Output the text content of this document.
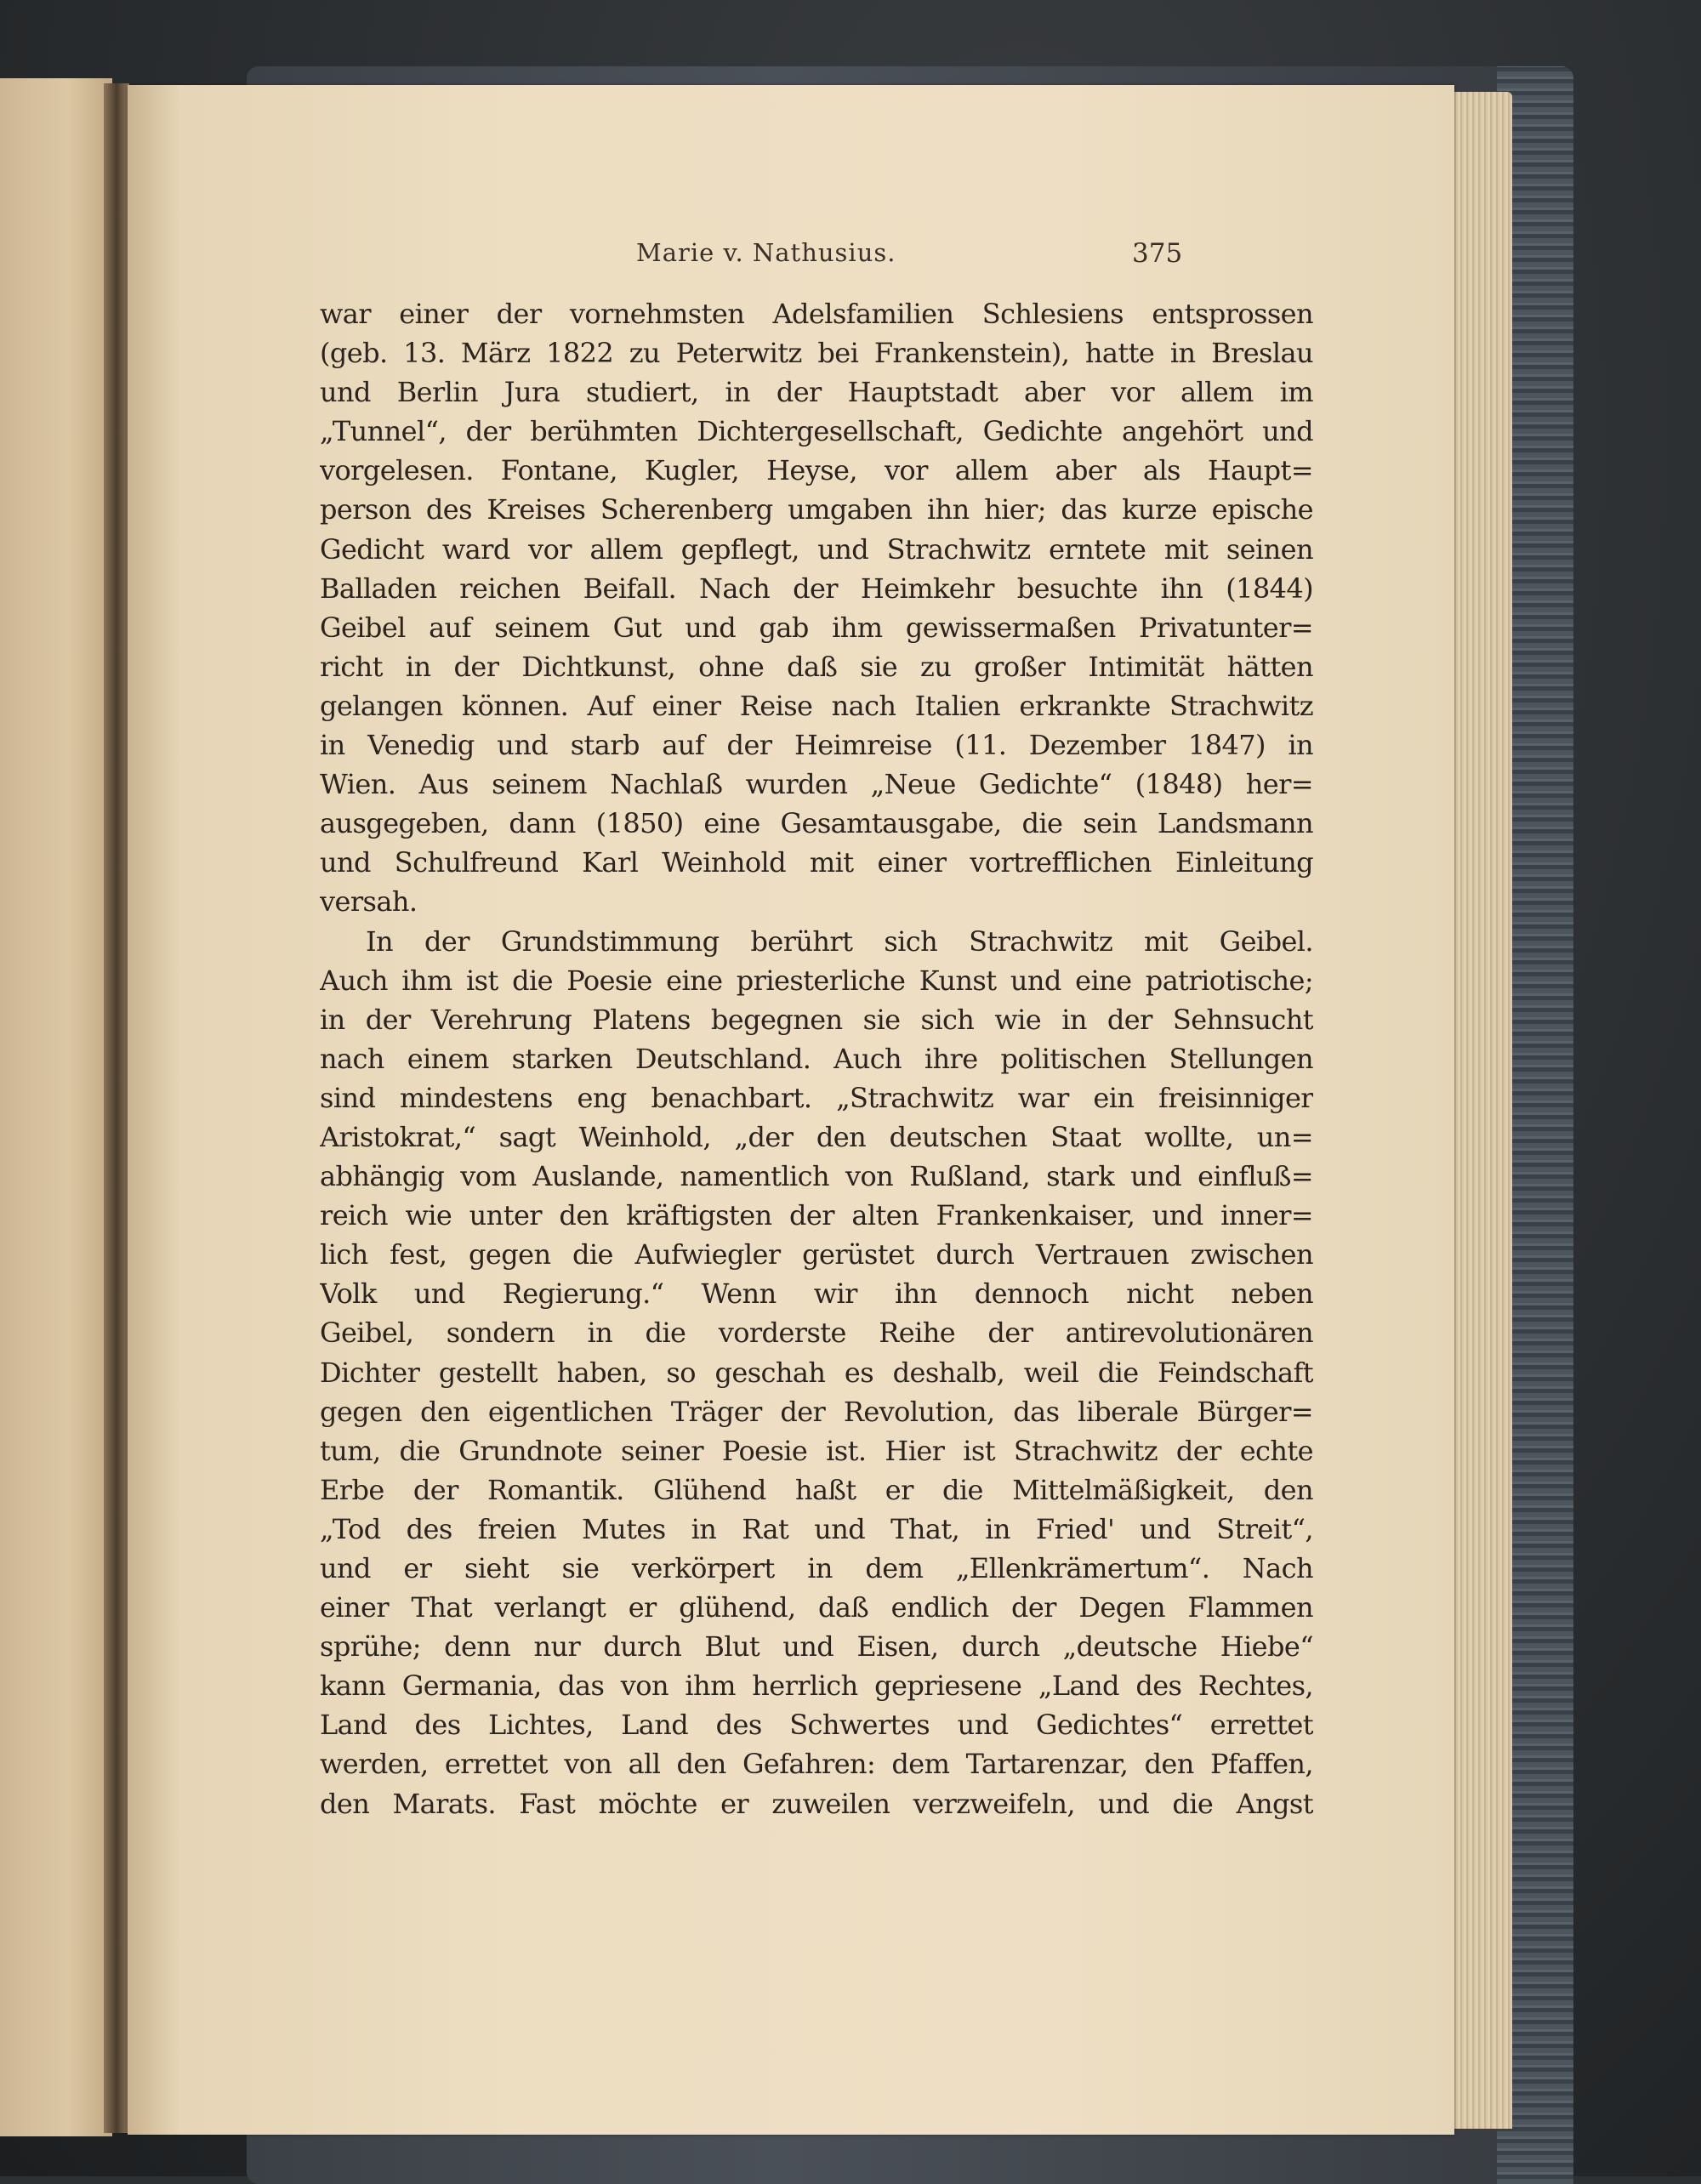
Marie v. Nathusius.	375
war einer der vornehmsten Adelsfamilien Schlesiens entsprossen
(geb. 13. März 1822 zu Peterwitz bei Frankenstein), hatte in Breslau
und Berlin Jura studiert, in der Hauptstadt aber vor allem im
„Tunnel“, der berühmten Dichtergesellschaft, Gedichte angehört und
vorgelesen. Fontane, Kugler, Heyse, vor allem aber als Haupt=
person des Kreises Scherenberg umgaben ihn hier; das kurze epische
Gedicht ward vor allem gepflegt, und Strachwitz erntete mit seinen
Balladen reichen Beifall. Nach der Heimkehr besuchte ihn (1844)
Geibel auf seinem Gut und gab ihm gewissermaßen Privatunter=
richt in der Dichtkunst, ohne daß sie zu großer Intimität hätten
gelangen können. Auf einer Reise nach Italien erkrankte Strachwitz
in Venedig und starb auf der Heimreise (11. Dezember 1847) in
Wien. Aus seinem Nachlaß wurden „Neue Gedichte“ (1848) her=
ausgegeben, dann (1850) eine Gesamtausgabe, die sein Landsmann
und Schulfreund Karl Weinhold mit einer vortrefflichen Einleitung
versah.
In der Grundstimmung berührt sich Strachwitz mit Geibel.
Auch ihm ist die Poesie eine priesterliche Kunst und eine patriotische;
in der Verehrung Platens begegnen sie sich wie in der Sehnsucht
nach einem starken Deutschland. Auch ihre politischen Stellungen
sind mindestens eng benachbart. „Strachwitz war ein freisinniger
Aristokrat,“ sagt Weinhold, „der den deutschen Staat wollte, un=
abhängig vom Auslande, namentlich von Rußland, stark und einfluß=
reich wie unter den kräftigsten der alten Frankenkaiser, und inner=
lich fest, gegen die Aufwiegler gerüstet durch Vertrauen zwischen
Volk und Regierung.“ Wenn wir ihn dennoch nicht neben
Geibel, sondern in die vorderste Reihe der antirevolutionären
Dichter gestellt haben, so geschah es deshalb, weil die Feindschaft
gegen den eigentlichen Träger der Revolution, das liberale Bürger=
tum, die Grundnote seiner Poesie ist. Hier ist Strachwitz der echte
Erbe der Romantik. Glühend haßt er die Mittelmäßigkeit, den
„Tod des freien Mutes in Rat und That, in Fried' und Streit“,
und er sieht sie verkörpert in dem „Ellenkrämertum“. Nach
einer That verlangt er glühend, daß endlich der Degen Flammen
sprühe; denn nur durch Blut und Eisen, durch „deutsche Hiebe“
kann Germania, das von ihm herrlich gepriesene „Land des Rechtes,
Land des Lichtes, Land des Schwertes und Gedichtes“ errettet
werden, errettet von all den Gefahren: dem Tartarenzar, den Pfaffen,
den Marats. Fast möchte er zuweilen verzweifeln, und die Angst
